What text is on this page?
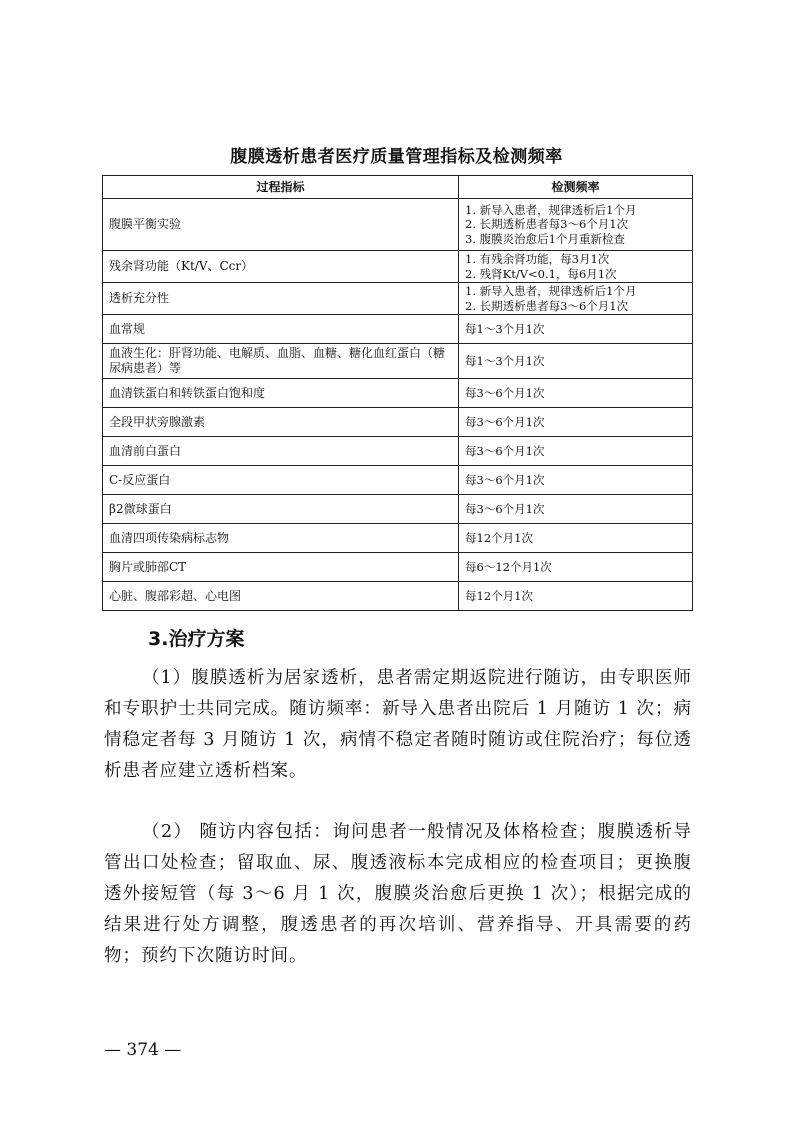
腹膜透析患者医疗质量管理指标及检测频率
过程指标	检测频率
腹膜平衡实验	1. 新导入患者，规律透析后1个月
2. 长期透析患者每3～6个月1次
3. 腹膜炎治愈后1个月重新检查

残余肾功能（Kt/V、Ccr）	1. 有残余肾功能，每3月1次
2. 残肾Kt/V<0.1，每6月1次

透析充分性	1. 新导入患者，规律透析后1个月
2. 长期透析患者每3～6个月1次

血常规	每1～3个月1次

血液生化：肝肾功能、电解质、血脂、血糖、糖化血红蛋白（糖尿病患者）等	每1～3个月1次

血清铁蛋白和转铁蛋白饱和度	每3～6个月1次

全段甲状旁腺激素	每3～6个月1次

血清前白蛋白	每3～6个月1次

C-反应蛋白	每3～6个月1次

β2微球蛋白	每3～6个月1次

血清四项传染病标志物	每12个月1次

胸片或肺部CT	每6～12个月1次

心脏、腹部彩超、心电图	每12个月1次
3.治疗方案
（1）腹膜透析为居家透析，患者需定期返院进行随访，由专职医师和专职护士共同完成。随访频率：新导入患者出院后 1 月随访 1 次；病情稳定者每 3 月随访 1 次，病情不稳定者随时随访或住院治疗；每位透析患者应建立透析档案。
（2） 随访内容包括：询问患者一般情况及体格检查；腹膜透析导管出口处检查；留取血、尿、腹透液标本完成相应的检查项目；更换腹透外接短管（每 3～6 月 1 次，腹膜炎治愈后更换 1 次）；根据完成的结果进行处方调整，腹透患者的再次培训、营养指导、开具需要的药物；预约下次随访时间。
— 374 —
